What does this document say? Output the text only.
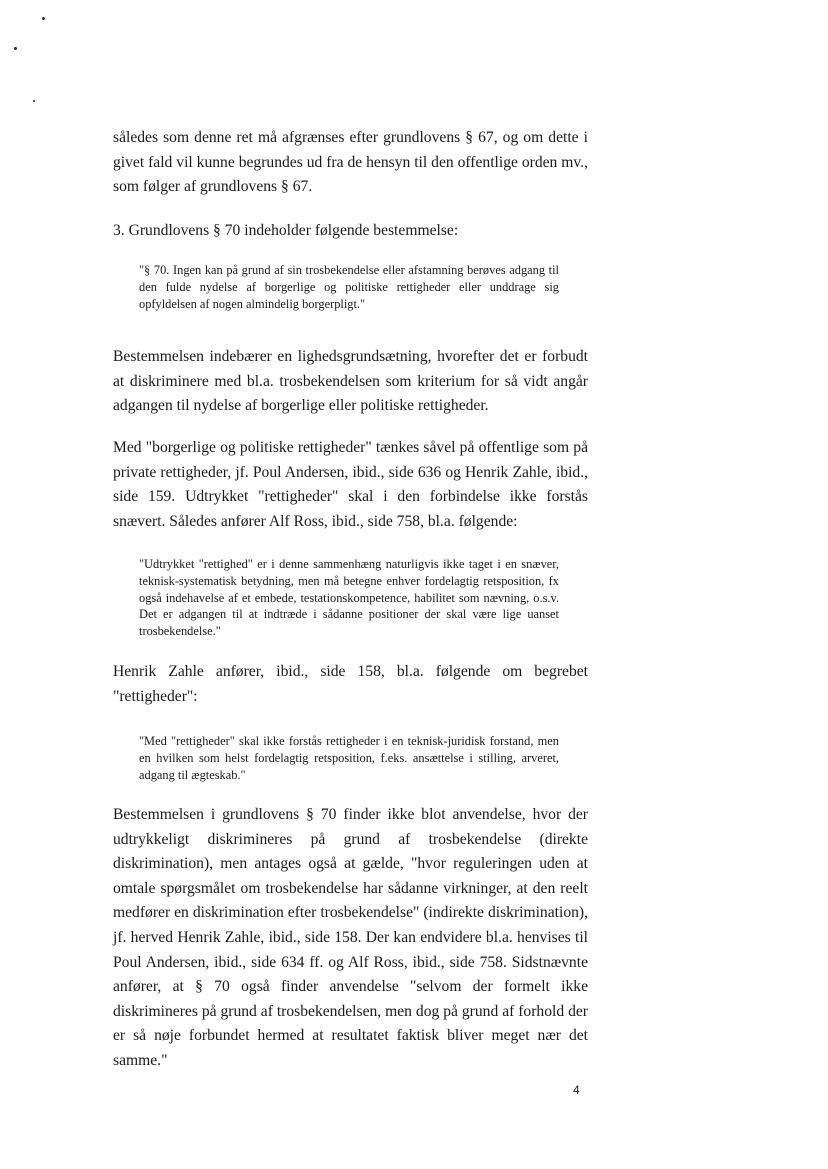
således som denne ret må afgrænses efter grundlovens § 67, og om dette i givet fald vil kunne begrundes ud fra de hensyn til den offentlige orden mv., som følger af grundlovens § 67.

3. Grundlovens § 70 indeholder følgende bestemmelse:

"§ 70. Ingen kan på grund af sin trosbekendelse eller afstamning berøves adgang til den fulde nydelse af borgerlige og politiske rettigheder eller unddrage sig opfyldelsen af nogen almindelig borgerpligt."

Bestemmelsen indebærer en lighedsgrundsætning, hvorefter det er forbudt at diskriminere med bl.a. trosbekendelsen som kriterium for så vidt angår adgangen til nydelse af borgerlige eller politiske rettigheder.

Med "borgerlige og politiske rettigheder" tænkes såvel på offentlige som på private rettigheder, jf. Poul Andersen, ibid., side 636 og Henrik Zahle, ibid., side 159. Udtrykket "rettigheder" skal i den forbindelse ikke forstås snævert. Således anfører Alf Ross, ibid., side 758, bl.a. følgende:

"Udtrykket "rettighed" er i denne sammenhæng naturligvis ikke taget i en snæver, teknisk-systematisk betydning, men må betegne enhver fordelagtig retsposition, fx også indehavelse af et embede, testationskompetence, habilitet som nævning, o.s.v. Det er adgangen til at indtræde i sådanne positioner der skal være lige uanset trosbekendelse."

Henrik Zahle anfører, ibid., side 158, bl.a. følgende om begrebet "rettigheder":

"Med "rettigheder" skal ikke forstås rettigheder i en teknisk-juridisk forstand, men en hvilken som helst fordelagtig retsposition, f.eks. ansættelse i stilling, arveret, adgang til ægteskab."

Bestemmelsen i grundlovens § 70 finder ikke blot anvendelse, hvor der udtrykkeligt diskrimineres på grund af trosbekendelse (direkte diskrimination), men antages også at gælde, "hvor reguleringen uden at omtale spørgsmålet om trosbekendelse har sådanne virkninger, at den reelt medfører en diskrimination efter trosbekendelse" (indirekte diskrimination), jf. herved Henrik Zahle, ibid., side 158. Der kan endvidere bl.a. henvises til Poul Andersen, ibid., side 634 ff. og Alf Ross, ibid., side 758. Sidstnævnte anfører, at § 70 også finder anvendelse "selvom der formelt ikke diskrimineres på grund af trosbekendelsen, men dog på grund af forhold der er så nøje forbundet hermed at resultatet faktisk bliver meget nær det samme."

4
